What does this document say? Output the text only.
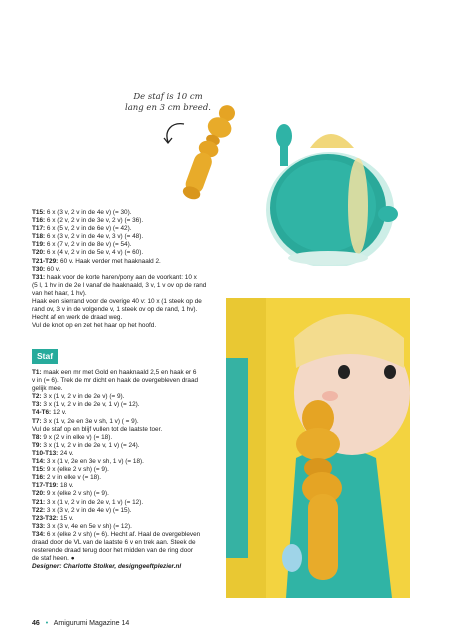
De staf is 10 cm
lang en 3 cm breed.
T15: 6 x (3 v, 2 v in de 4e v) (= 30).
T16: 6 x (2 v, 2 v in de 3e v, 2 v) (= 36).
T17: 6 x (5 v, 2 v in de 6e v) (= 42).
T18: 6 x (3 v, 2 v in de 4e v, 3 v) (= 48).
T19: 6 x (7 v, 2 v in de 8e v) (= 54).
T20: 6 x (4 v, 2 v in de 5e v, 4 v) (= 60).
T21-T29: 60 v. Haak verder met haaknaald 2.
T30: 60 v.
T31: haak voor de korte haren/pony aan de voorkant: 10 x
(5 l, 1 hv in de 2e l vanaf de haaknaald, 3 v, 1 v ov op de rand
van het haar, 1 hv).
Haak een sierrand voor de overige 40 v: 10 x (1 steek op de
rand ov, 3 v in de volgende v, 1 steek ov op de rand, 1 hv).
Hecht af en werk de draad weg.
Vul de knot op en zet het haar op het hoofd.
Staf
T1: maak een mr met Gold en haaknaald 2,5 en haak er 6
v in (= 6). Trek de mr dicht en haak de overgebleven draad
gelijk mee.
T2: 3 x (1 v, 2 v in de 2e v) (= 9).
T3: 3 x (1 v, 2 v in de 2e v, 1 v) (= 12).
T4-T6: 12 v.
T7: 3 x (1 v, 2e en 3e v sh, 1 v) ( = 9).
Vul de staf op en blijf vullen tot de laatste toer.
T8: 9 x (2 v in elke v) (= 18).
T9: 3 x (1 v, 2 v in de 2e v, 1 v) (= 24).
T10-T13: 24 v.
T14: 3 x (1 v, 2e en 3e v sh, 1 v) (= 18).
T15: 9 x (elke 2 v sh) (= 9).
T16: 2 v in elke v (= 18).
T17-T19: 18 v.
T20: 9 x (elke 2 v sh) (= 9).
T21: 3 x (1 v, 2 v in de 2e v, 1 v) (= 12).
T22: 3 x (3 v, 2 v in de 4e v) (= 15).
T23-T32: 15 v.
T33: 3 x (3 v, 4e en 5e v sh) (= 12).
T34: 6 x (elke 2 v sh) (= 6). Hecht af. Haal de overgebleven
draad door de VL van de laatste 6 v en trek aan. Steek de
resterende draad terug door het midden van de ring door
de staf heen. ●
Designer: Charlotte Stolker, designgeeftplezier.nl
46 • Amigurumi Magazine 14
